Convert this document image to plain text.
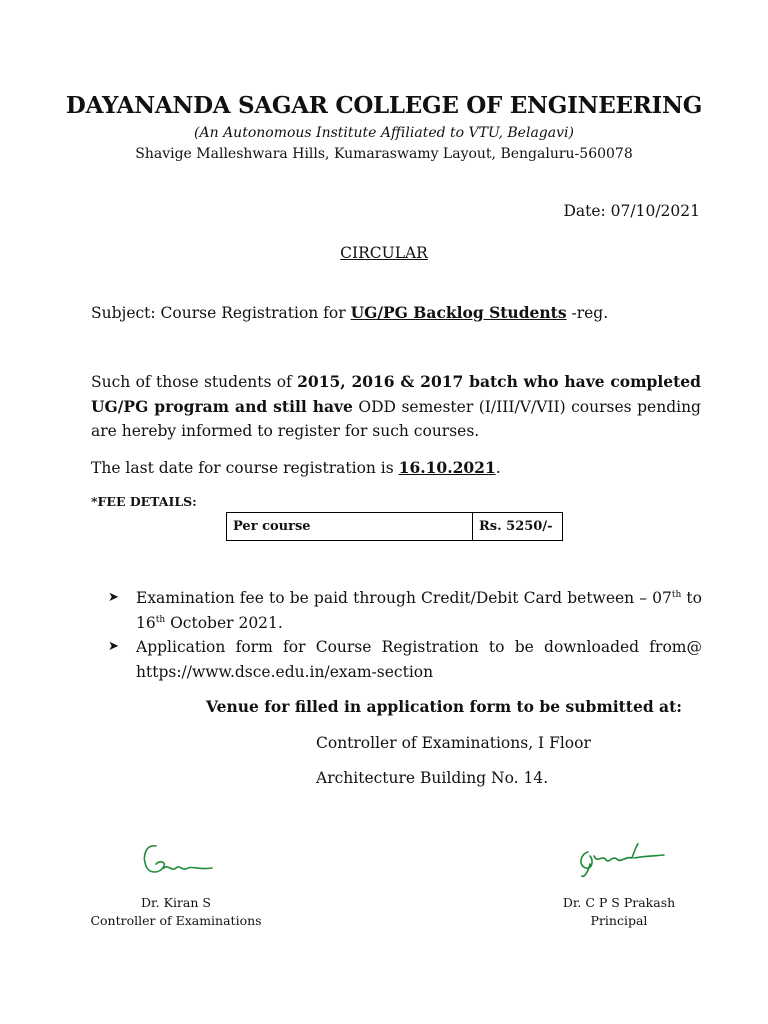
DAYANANDA SAGAR COLLEGE OF ENGINEERING
(An Autonomous Institute Affiliated to VTU, Belagavi)
Shavige Malleshwara Hills, Kumaraswamy Layout, Bengaluru-560078
Date: 07/10/2021
CIRCULAR
Subject: Course Registration for UG/PG Backlog Students -reg.
Such of those students of 2015, 2016 & 2017 batch who have completed UG/PG program and still have ODD semester (I/III/V/VII) courses pending are hereby informed to register for such courses.
The last date for course registration is 16.10.2021.
*FEE DETAILS:
Per course	Rs. 5250/-
➤ Examination fee to be paid through Credit/Debit Card between – 07th to 16th October 2021.
➤ Application form for Course Registration to be downloaded from@ https://www.dsce.edu.in/exam-section
Venue for filled in application form to be submitted at:
Controller of Examinations, I Floor
Architecture Building No. 14.
Dr. Kiran S
Controller of Examinations
Dr. C P S Prakash
Principal
